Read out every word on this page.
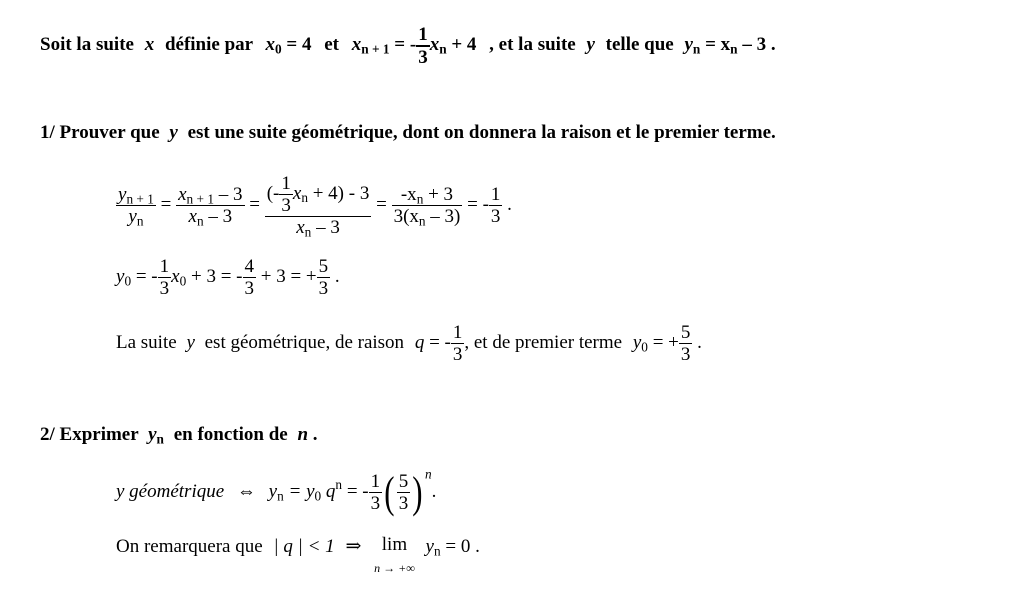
Soit la suite x définie par $x_0 = 4$ et $x_{n + 1}$ = - $\frac{1}{3} x_n + 4$ , et la suite y telle que $y_n = x_n - 3$ .
1/ Prouver que y est une suite géométrique, dont on donnera la raison et le premier terme.
$\frac{y_{n + 1}}{y_n} = \frac{x_{n + 1} - 3}{x_n - 3} = \frac{(- \frac{1}{3} x_n + 4) - 3}{x_n - 3} = \frac{-x_n + 3}{3(x_n - 3)}$ = - $\frac{1}{3}$ .
$y_0$ = - $\frac{1}{3} x_0 + 3$ = - $\frac{4}{3} + 3$ = + $\frac{5}{3}$ .
La suite y est géométrique, de raison q = - $\frac{1}{3}$ , et de premier terme $y_0$ = + $\frac{5}{3}$ .
2/ Exprimer $y_n$ en fonction de n .
y géométrique ⇔ $y_n = y_0$ $q^n$ = - $\frac{1}{3}$ ( $\frac{5}{3}$ ) $^n$.
On remarquera que | q | < 1 ⇒ lim
n → +∞
$y_n = 0$ .
